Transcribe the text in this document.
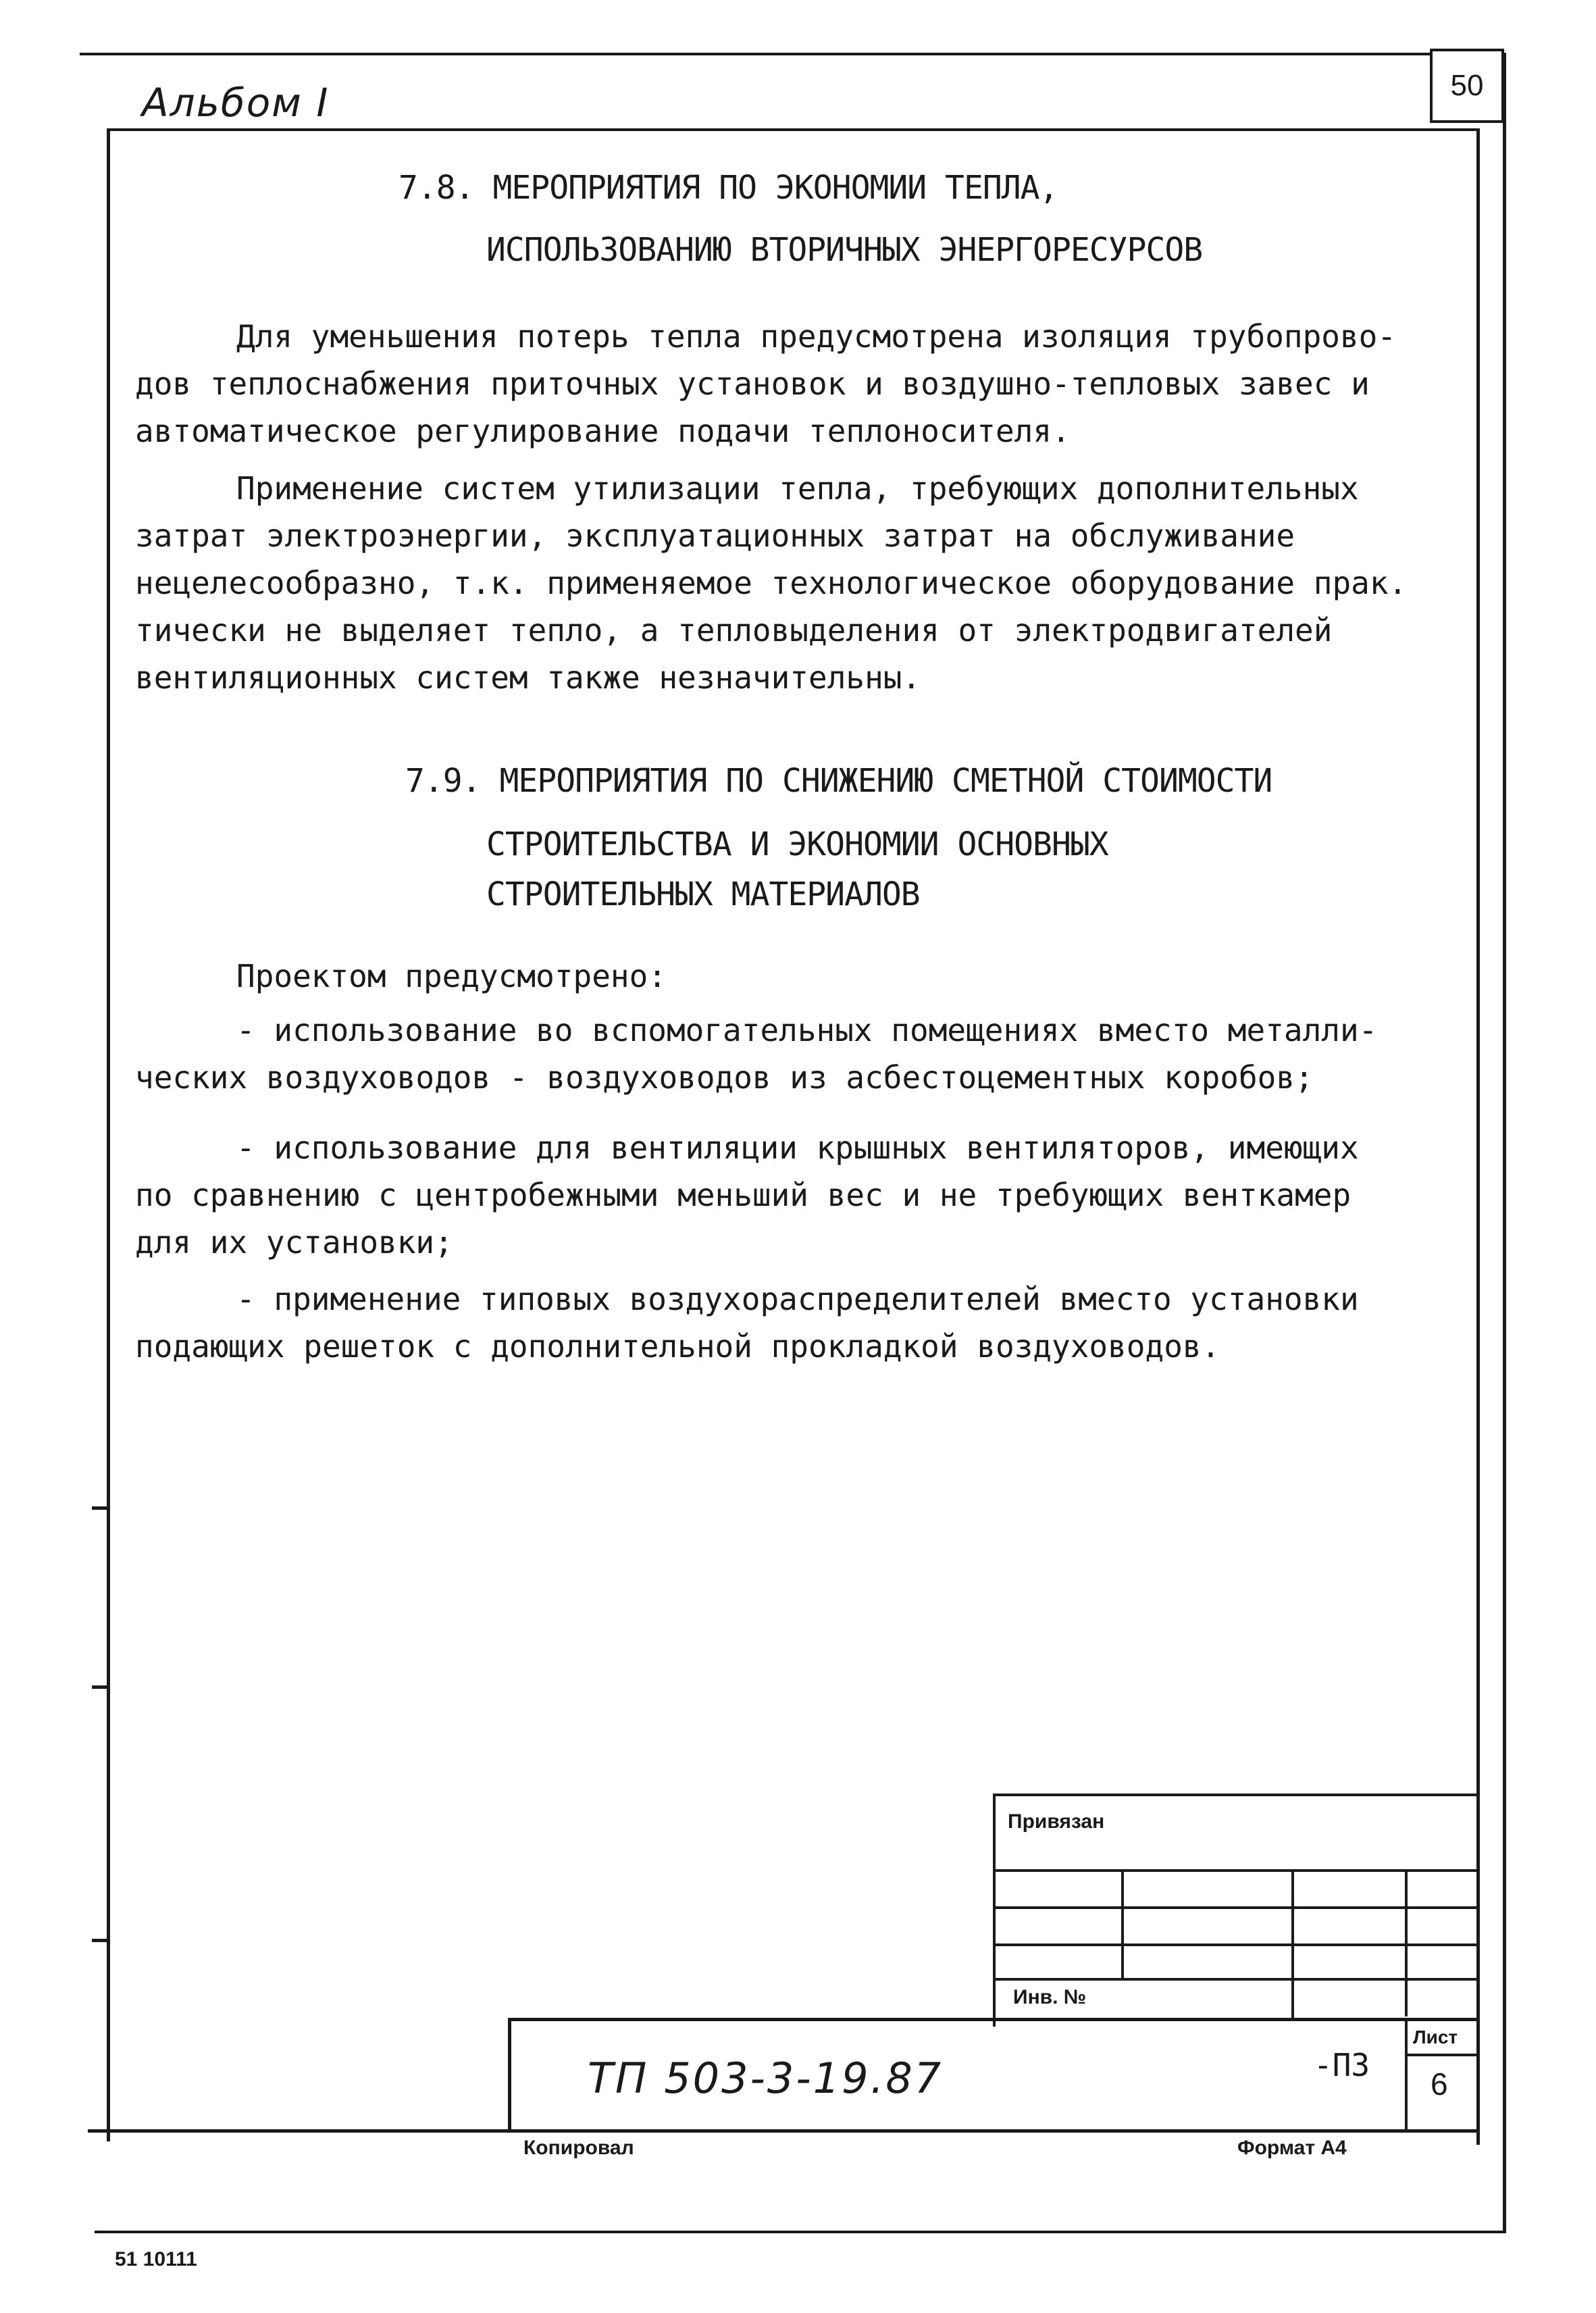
Альбом I	50
7.8. МЕРОПРИЯТИЯ ПО ЭКОНОМИИ ТЕПЛА,
ИСПОЛЬЗОВАНИЮ ВТОРИЧНЫХ ЭНЕРГОРЕСУРСОВ
Для уменьшения потерь тепла предусмотрена изоляция трубопрово-
дов теплоснабжения приточных установок и воздушно-тепловых завес и
автоматическое регулирование подачи теплоносителя.
Применение систем утилизации тепла, требующих дополнительных
затрат электроэнергии, эксплуатационных затрат на обслуживание
нецелесообразно, т.к. применяемое технологическое оборудование прак.
тически не выделяет тепло, а тепловыделения от электродвигателей
вентиляционных систем также незначительны.
7.9. МЕРОПРИЯТИЯ ПО СНИЖЕНИЮ СМЕТНОЙ СТОИМОСТИ
СТРОИТЕЛЬСТВА И ЭКОНОМИИ ОСНОВНЫХ
СТРОИТЕЛЬНЫХ МАТЕРИАЛОВ
Проектом предусмотрено:
- использование во вспомогательных помещениях вместо металли-
ческих воздуховодов - воздуховодов из асбестоцементных коробов;
- использование для вентиляции крышных вентиляторов, имеющих
по сравнению с центробежными меньший вес и не требующих венткамер
для их установки;
- применение типовых воздухораспределителей вместо установки
подающих решеток с дополнительной прокладкой воздуховодов.
Привязан
Инв. №
ТП 503-3-19.87	-ПЗ
Лист
6
Копировал	Формат А4
51 10111
